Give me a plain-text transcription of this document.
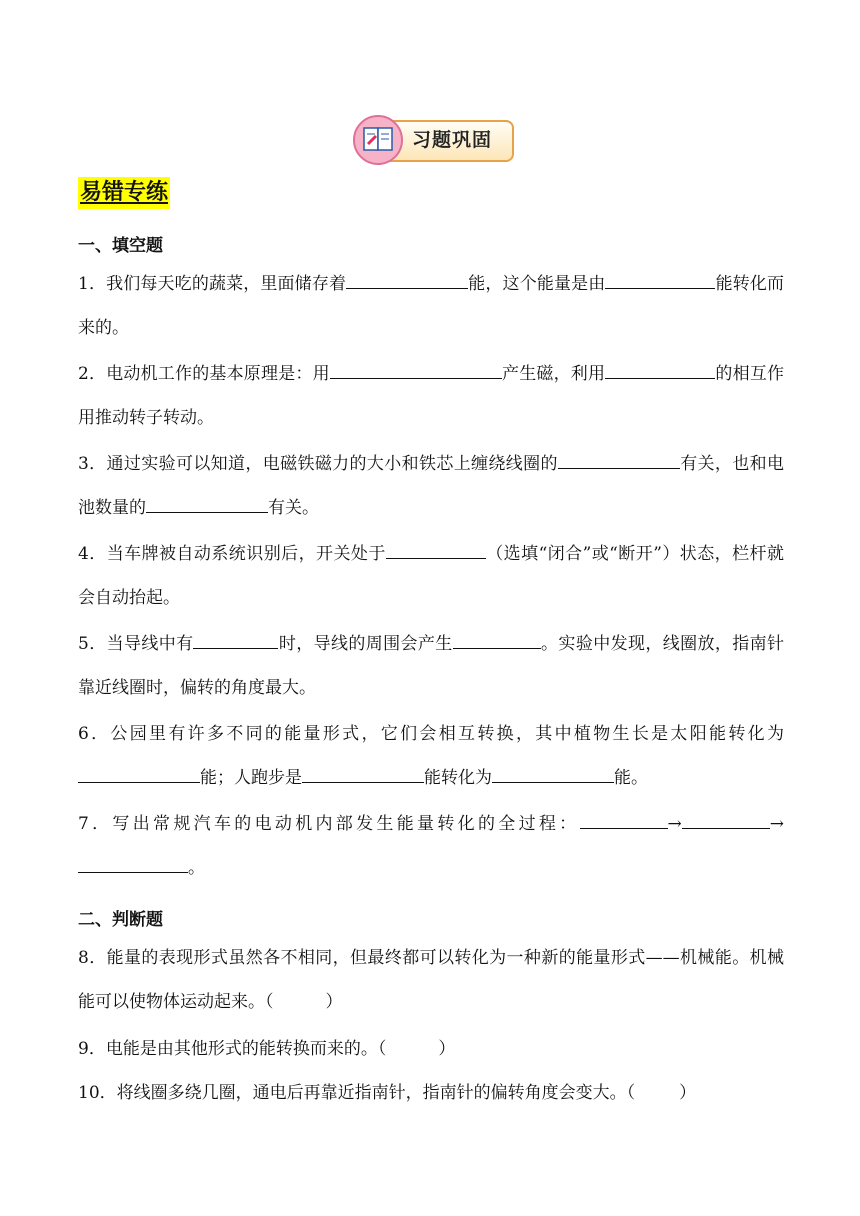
习题巩固
易错专练
一、填空题
1．我们每天吃的蔬菜，里面储存着	能，这个能量是由	能转化而来的。
2．电动机工作的基本原理是：用	产生磁，利用	的相互作用推动转子转动。
3．通过实验可以知道，电磁铁磁力的大小和铁芯上缠绕线圈的	有关，也和电池数量的	有关。
4．当车牌被自动系统识别后，开关处于	（选填“闭合”或“断开”）状态，栏杆就会自动抬起。
5．当导线中有	时，导线的周围会产生	。实验中发现，线圈放，指南针靠近线圈时，偏转的角度最大。
6．公园里有许多不同的能量形式，它们会相互转换，其中植物生长是太阳能转化为能；人跑步是	能转化为	能。
7．写出常规汽车的电动机内部发生能量转化的全过程：	→	→。
二、判断题
8．能量的表现形式虽然各不相同，但最终都可以转化为一种新的能量形式——机械能。机械能可以使物体运动起来。（	）
9．电能是由其他形式的能转换而来的。（	）
10．将线圈多绕几圈，通电后再靠近指南针，指南针的偏转角度会变大。（	）
